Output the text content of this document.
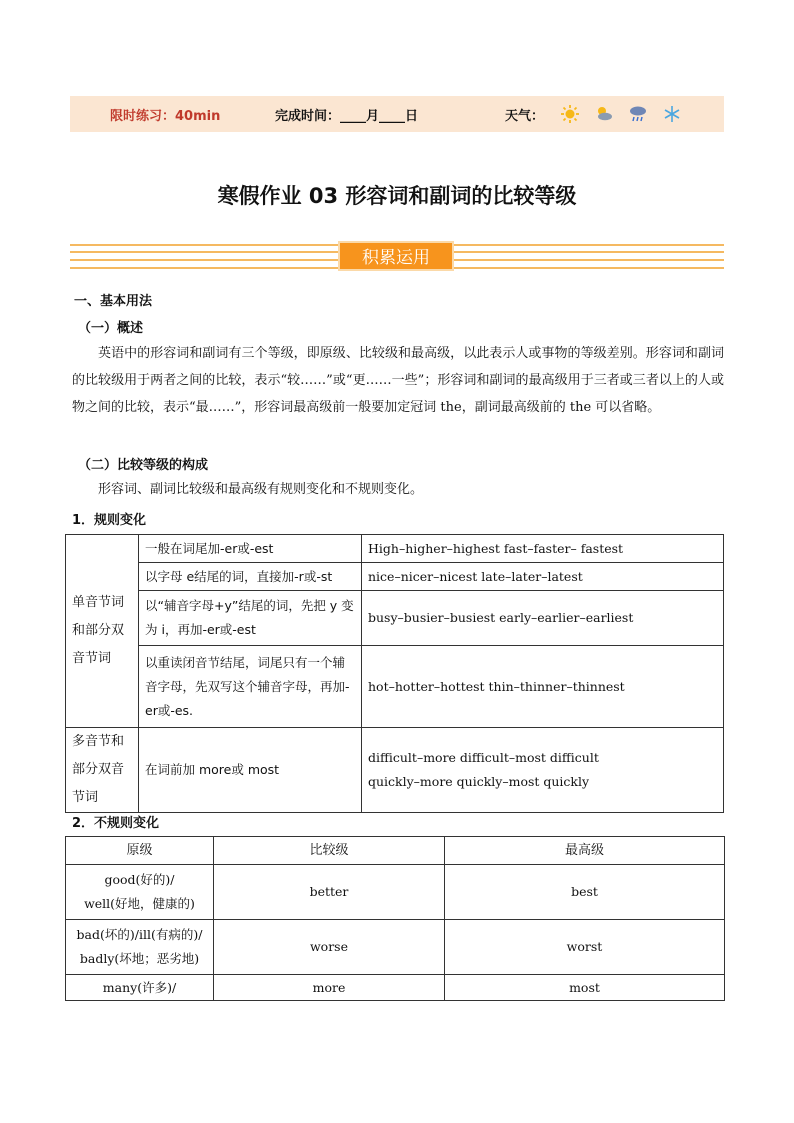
限时练习：40min	完成时间：____月____日	天气：
寒假作业 03 形容词和副词的比较等级
积累运用
一、基本用法
（一）概述
英语中的形容词和副词有三个等级，即原级、比较级和最高级，以此表示人或事物的等级差别。形容词和副词的比较级用于两者之间的比较，表示“较……”或“更……一些”；形容词和副词的最高级用于三者或三者以上的人或物之间的比较，表示“最……”，形容词最高级前一般要加定冠词 the，副词最高级前的 the 可以省略。
（二）比较等级的构成
形容词、副词比较级和最高级有规则变化和不规则变化。
1．规则变化
单音节词和部分双音节词	一般在词尾加-er或-est	High–higher–highest fast–faster– fastest
	以字母 e结尾的词，直接加-r或-st	nice–nicer–nicest late–later–latest
	以“辅音字母+y”结尾的词，先把 y 变为 i，再加-er或-est	busy–busier–busiest early–earlier–earliest
	以重读闭音节结尾，词尾只有一个辅音字母，先双写这个辅音字母，再加-er或-es.	hot–hotter–hottest thin–thinner–thinnest
多音节和部分双音节词	在词前加 more或 most	difficult–more difficult–most difficult
quickly–more quickly–most quickly
2．不规则变化
原级	比较级	最高级

good(好的)/
well(好地，健康的)	better	best

bad(坏的)/ill(有病的)/
badly(坏地；恶劣地)	worse	worst
many(许多)/	more	most
